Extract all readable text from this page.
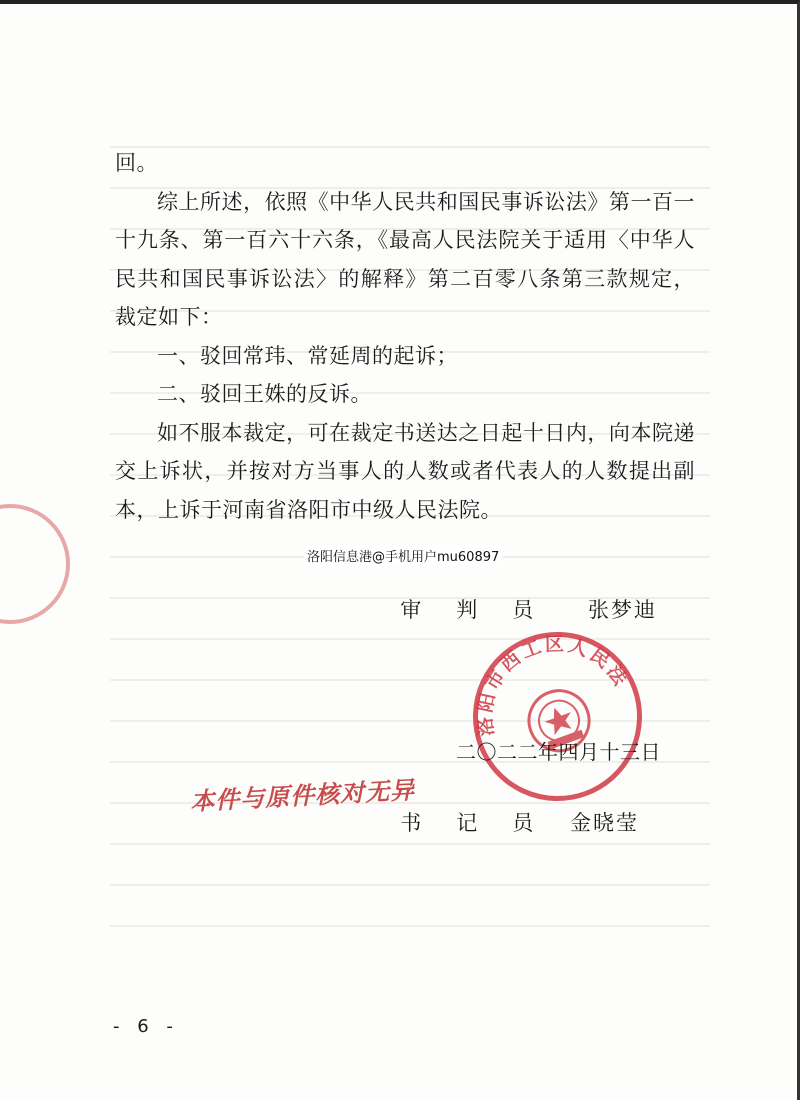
回。

综上所述，依照《中华人民共和国民事诉讼法》第一百一十九条、第一百六十六条，《最高人民法院关于适用〈中华人民共和国民事诉讼法〉的解释》第二百零八条第三款规定，裁定如下：

一、驳回常玮、常延周的起诉；

二、驳回王姝的反诉。

如不服本裁定，可在裁定书送达之日起十日内，向本院递交上诉状，并按对方当事人的人数或者代表人的人数提出副本，上诉于河南省洛阳市中级人民法院。

洛阳信息港@手机用户mu60897
审 判 员	张梦迪
洛阳市西工区人民法院
二〇二二年四月十三日
本件与原件核对无异
书 记 员	金晓莹
- 6 -
